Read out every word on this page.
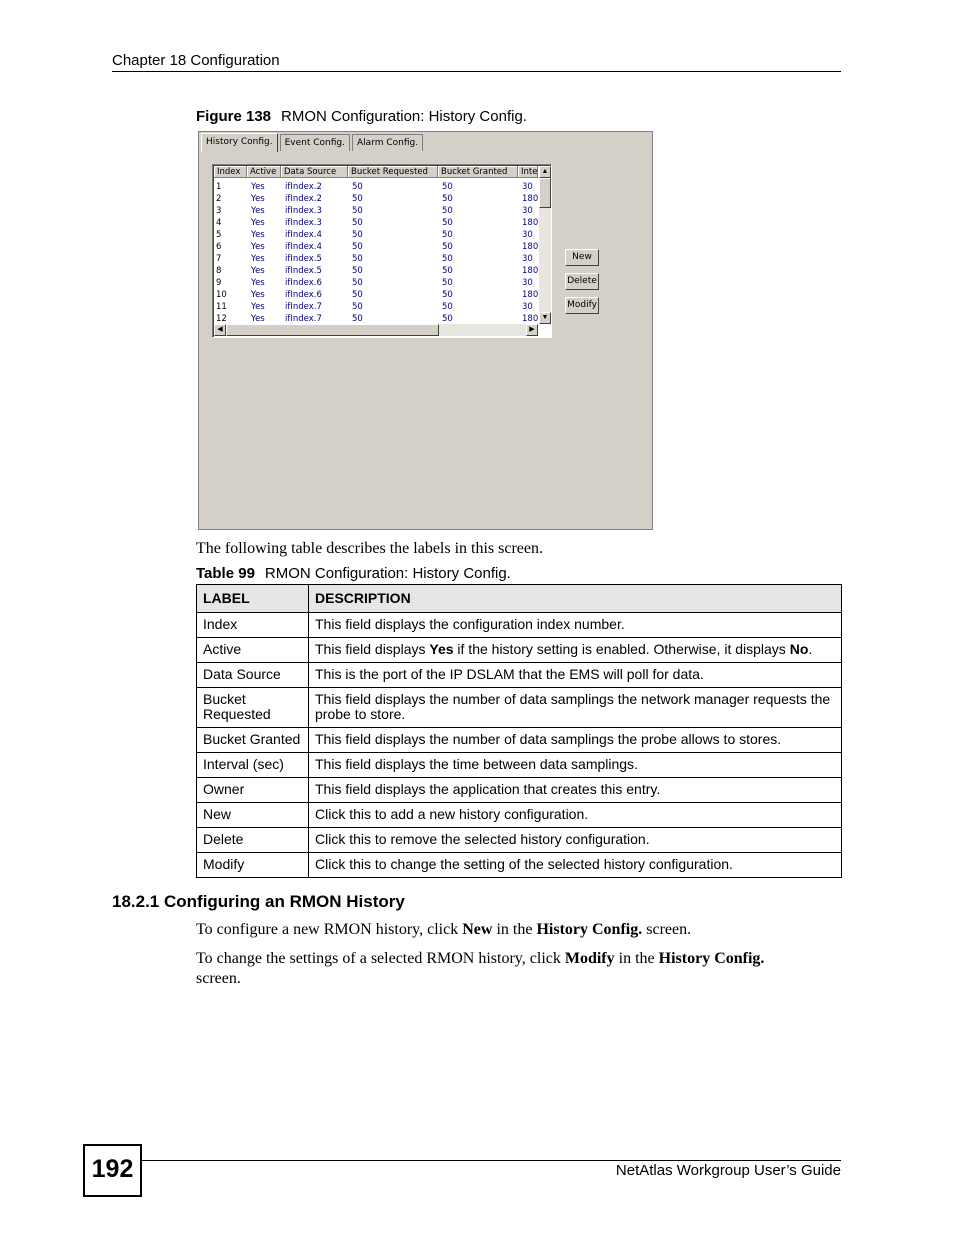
Chapter 18 Configuration
Figure 138 RMON Configuration: History Config.
History Config.	Event Config.	Alarm Config.
Index	Active Data Source	Bucket Requested	Bucket Granted	Inte
1	Yes ifIndex.2	50	50	30
2	Yes ifIndex.2	50	50	180
3	Yes ifIndex.3	50	50	30
4	Yes ifIndex.3	50	50	180
5	Yes ifIndex.4	50	50	30
6	Yes ifIndex.4	50	50	180
7	Yes ifIndex.5	50	50	30
8	Yes ifIndex.5	50	50	180
9	Yes ifIndex.6	50	50	30
10	Yes ifIndex.6	50	50	180
11	Yes ifIndex.7	50	50	30
12	Yes ifIndex.7	50	50	180
▲
▼
◀	▶
New
Delete
Modify
The following table describes the labels in this screen.
Table 99 RMON Configuration: History Config.
LABEL	DESCRIPTION
Index	This field displays the configuration index number.
Active	This field displays Yes if the history setting is enabled. Otherwise, it displays No.
Data Source	This is the port of the IP DSLAM that the EMS will poll for data.
Bucket Requested	This field displays the number of data samplings the network manager requests the probe to store.
Bucket Granted	This field displays the number of data samplings the probe allows to stores.
Interval (sec)	This field displays the time between data samplings.
Owner	This field displays the application that creates this entry.
New	Click this to add a new history configuration.
Delete	Click this to remove the selected history configuration.
Modify	Click this to change the setting of the selected history configuration.
18.2.1 Configuring an RMON History
To configure a new RMON history, click New in the History Config. screen.
To change the settings of a selected RMON history, click Modify in the History Config.
screen.
192	NetAtlas Workgroup User’s Guide
